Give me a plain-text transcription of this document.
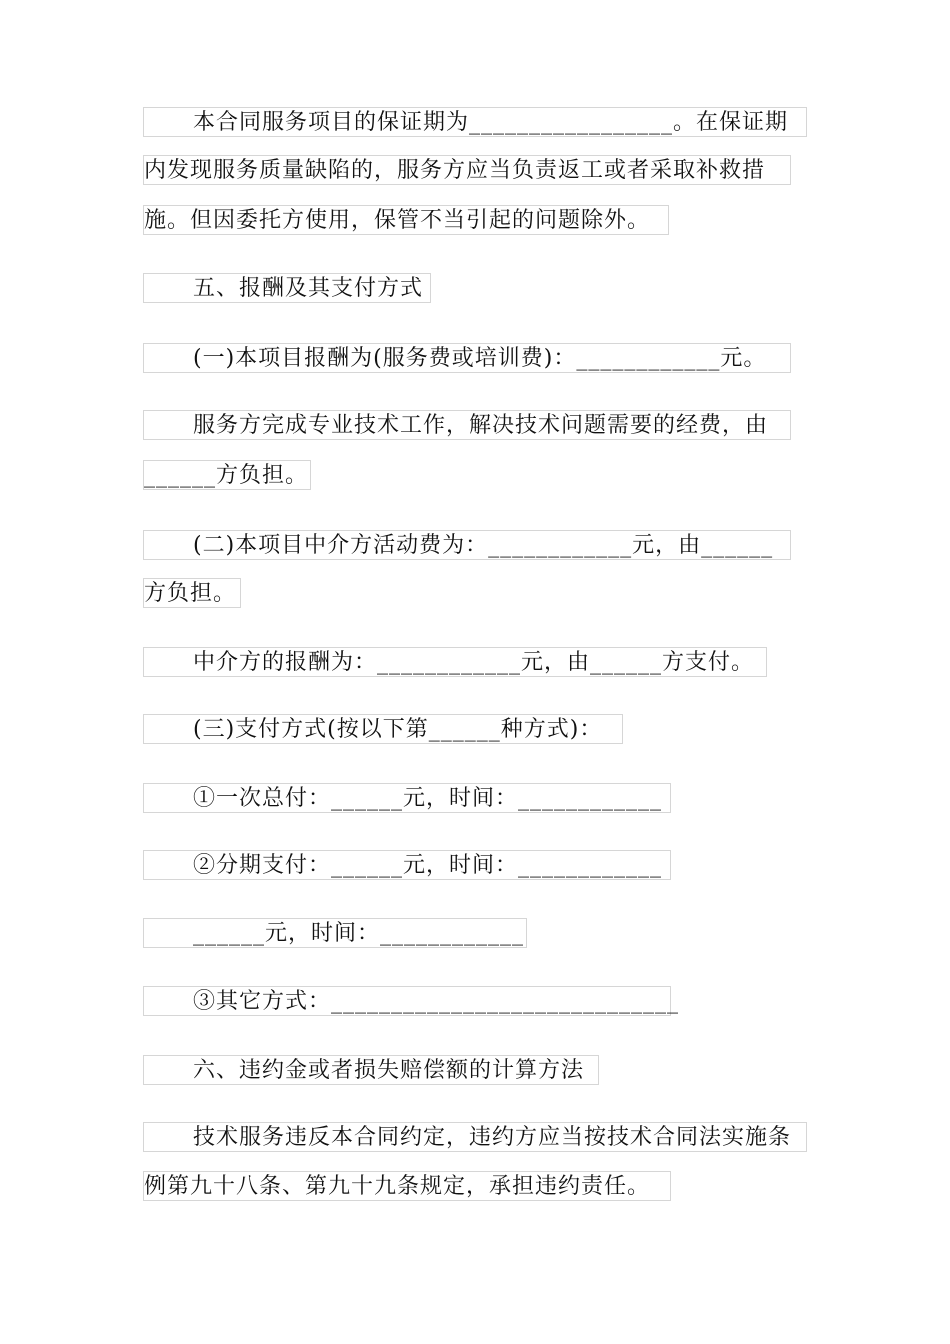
本合同服务项目的保证期为_________________。在保证期
内发现服务质量缺陷的，服务方应当负责返工或者采取补救措
施。但因委托方使用，保管不当引起的问题除外。
五、报酬及其支付方式
(一)本项目报酬为(服务费或培训费)：____________元。
服务方完成专业技术工作，解决技术问题需要的经费，由
______方负担。
(二)本项目中介方活动费为：____________元，由______
方负担。
中介方的报酬为：____________元，由______方支付。
(三)支付方式(按以下第______种方式)：
①一次总付：______元，时间：____________
②分期支付：______元，时间：____________
______元，时间：____________
③其它方式：_____________________________
六、违约金或者损失赔偿额的计算方法
技术服务违反本合同约定，违约方应当按技术合同法实施条
例第九十八条、第九十九条规定，承担违约责任。
